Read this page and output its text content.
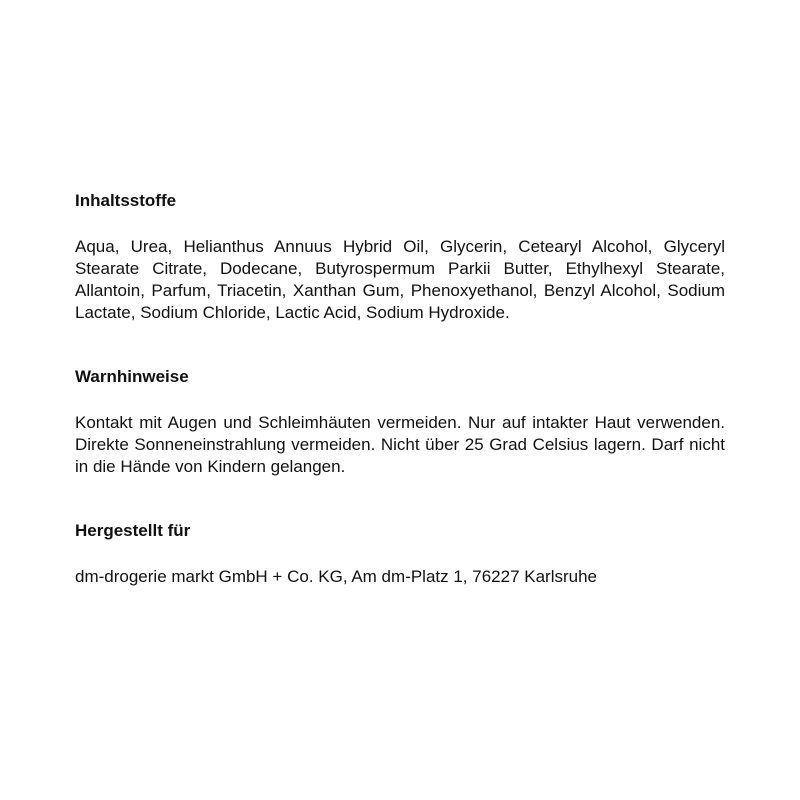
Inhaltsstoffe

Aqua, Urea, Helianthus Annuus Hybrid Oil, Glycerin, Cetearyl Alcohol, Glyceryl Stearate Citrate, Dodecane, Butyrospermum Parkii Butter, Ethylhexyl Stearate, Allantoin, Parfum, Triacetin, Xanthan Gum, Phenoxyethanol, Benzyl Alcohol, Sodium Lactate, Sodium Chloride, Lactic Acid, Sodium Hydroxide.

Warnhinweise

Kontakt mit Augen und Schleimhäuten vermeiden. Nur auf intakter Haut verwenden. Direkte Sonneneinstrahlung vermeiden. Nicht über 25 Grad Celsius lagern. Darf nicht in die Hände von Kindern gelangen.

Hergestellt für

dm-drogerie markt GmbH + Co. KG, Am dm-Platz 1, 76227 Karlsruhe
